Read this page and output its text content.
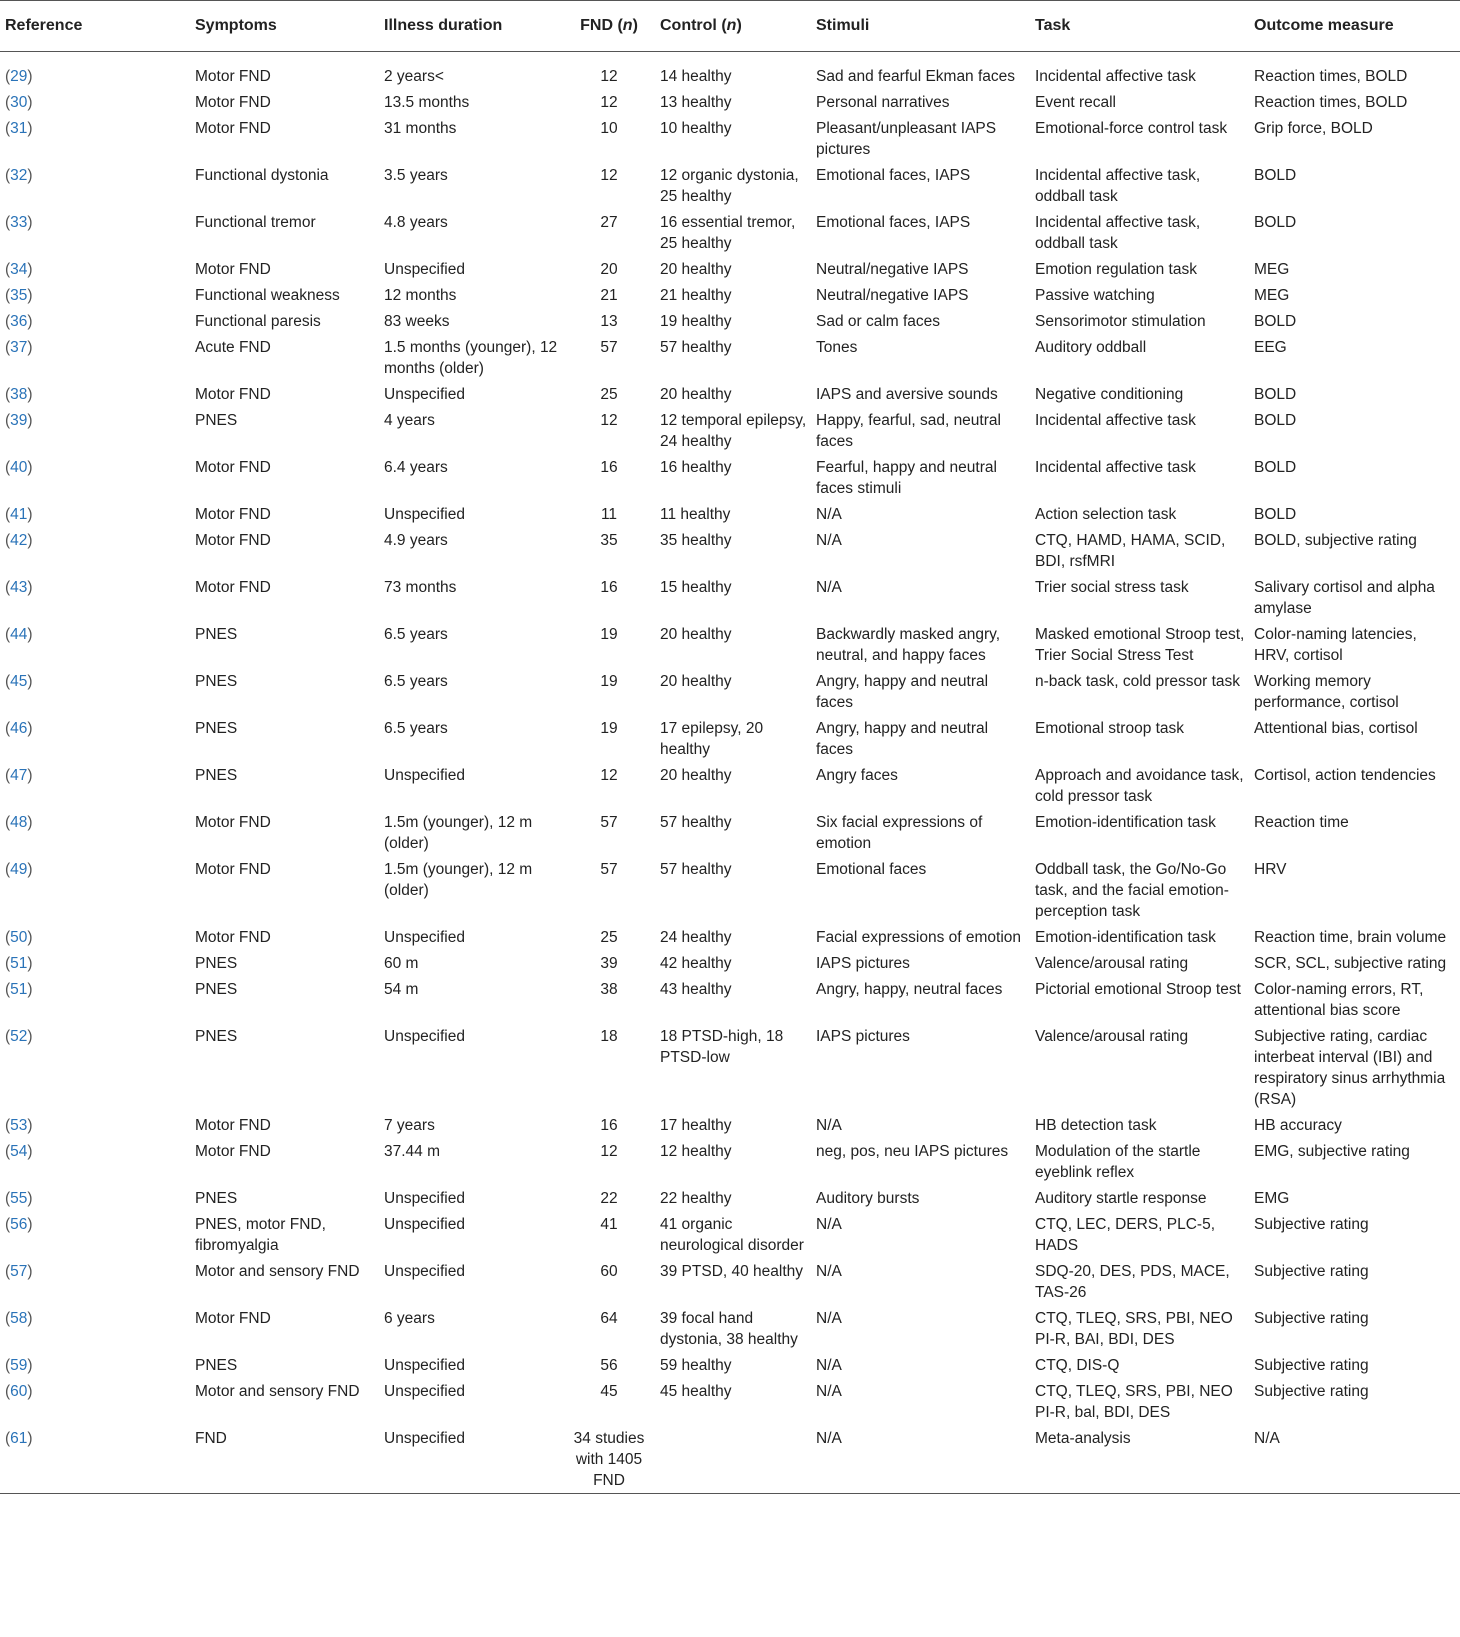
Reference	Symptoms	Illness duration	FND (n)	Control (n)	Stimuli	Task	Outcome measure
(29)	Motor FND	2 years<	12	14 healthy	Sad and fearful Ekman faces	Incidental affective task	Reaction times, BOLD
(30)	Motor FND	13.5 months	12	13 healthy	Personal narratives	Event recall	Reaction times, BOLD
(31)	Motor FND	31 months	10	10 healthy	Pleasant/unpleasant IAPS pictures	Emotional-force control task	Grip force, BOLD
(32)	Functional dystonia	3.5 years	12	12 organic dystonia, 25 healthy	Emotional faces, IAPS	Incidental affective task, oddball task	BOLD
(33)	Functional tremor	4.8 years	27	16 essential tremor, 25 healthy	Emotional faces, IAPS	Incidental affective task, oddball task	BOLD
(34)	Motor FND	Unspecified	20	20 healthy	Neutral/negative IAPS	Emotion regulation task	MEG
(35)	Functional weakness	12 months	21	21 healthy	Neutral/negative IAPS	Passive watching	MEG
(36)	Functional paresis	83 weeks	13	19 healthy	Sad or calm faces	Sensorimotor stimulation	BOLD
(37)	Acute FND	1.5 months (younger), 12 months (older)	57	57 healthy	Tones	Auditory oddball	EEG
(38)	Motor FND	Unspecified	25	20 healthy	IAPS and aversive sounds	Negative conditioning	BOLD
(39)	PNES	4 years	12	12 temporal epilepsy, 24 healthy	Happy, fearful, sad, neutral faces	Incidental affective task	BOLD
(40)	Motor FND	6.4 years	16	16 healthy	Fearful, happy and neutral faces stimuli	Incidental affective task	BOLD
(41)	Motor FND	Unspecified	11	11 healthy	N/A	Action selection task	BOLD
(42)	Motor FND	4.9 years	35	35 healthy	N/A	CTQ, HAMD, HAMA, SCID, BDI, rsfMRI	BOLD, subjective rating
(43)	Motor FND	73 months	16	15 healthy	N/A	Trier social stress task	Salivary cortisol and alpha amylase
(44)	PNES	6.5 years	19	20 healthy	Backwardly masked angry, neutral, and happy faces	Masked emotional Stroop test, Trier Social Stress Test	Color-naming latencies, HRV, cortisol
(45)	PNES	6.5 years	19	20 healthy	Angry, happy and neutral faces	n-back task, cold pressor task	Working memory performance, cortisol
(46)	PNES	6.5 years	19	17 epilepsy, 20 healthy	Angry, happy and neutral faces	Emotional stroop task	Attentional bias, cortisol
(47)	PNES	Unspecified	12	20 healthy	Angry faces	Approach and avoidance task, cold pressor task	Cortisol, action tendencies
(48)	Motor FND	1.5m (younger), 12 m (older)	57	57 healthy	Six facial expressions of emotion	Emotion-identification task	Reaction time
(49)	Motor FND	1.5m (younger), 12 m (older)	57	57 healthy	Emotional faces	Oddball task, the Go/No-Go task, and the facial emotion-perception task	HRV
(50)	Motor FND	Unspecified	25	24 healthy	Facial expressions of emotion	Emotion-identification task	Reaction time, brain volume
(51)	PNES	60 m	39	42 healthy	IAPS pictures	Valence/arousal rating	SCR, SCL, subjective rating
(51)	PNES	54 m	38	43 healthy	Angry, happy, neutral faces	Pictorial emotional Stroop test	Color-naming errors, RT, attentional bias score
(52)	PNES	Unspecified	18	18 PTSD-high, 18 PTSD-low	IAPS pictures	Valence/arousal rating	Subjective rating, cardiac interbeat interval (IBI) and respiratory sinus arrhythmia (RSA)
(53)	Motor FND	7 years	16	17 healthy	N/A	HB detection task	HB accuracy
(54)	Motor FND	37.44 m	12	12 healthy	neg, pos, neu IAPS pictures	Modulation of the startle eyeblink reflex	EMG, subjective rating
(55)	PNES	Unspecified	22	22 healthy	Auditory bursts	Auditory startle response	EMG
(56)	PNES, motor FND, fibromyalgia	Unspecified	41	41 organic neurological disorder	N/A	CTQ, LEC, DERS, PLC-5, HADS	Subjective rating
(57)	Motor and sensory FND	Unspecified	60	39 PTSD, 40 healthy	N/A	SDQ-20, DES, PDS, MACE, TAS-26	Subjective rating
(58)	Motor FND	6 years	64	39 focal hand dystonia, 38 healthy	N/A	CTQ, TLEQ, SRS, PBI, NEO PI-R, BAI, BDI, DES	Subjective rating
(59)	PNES	Unspecified	56	59 healthy	N/A	CTQ, DIS-Q	Subjective rating
(60)	Motor and sensory FND	Unspecified	45	45 healthy	N/A	CTQ, TLEQ, SRS, PBI, NEO PI-R, bal, BDI, DES	Subjective rating
(61)	FND	Unspecified	34 studies with 1405 FND		N/A	Meta-analysis	N/A
